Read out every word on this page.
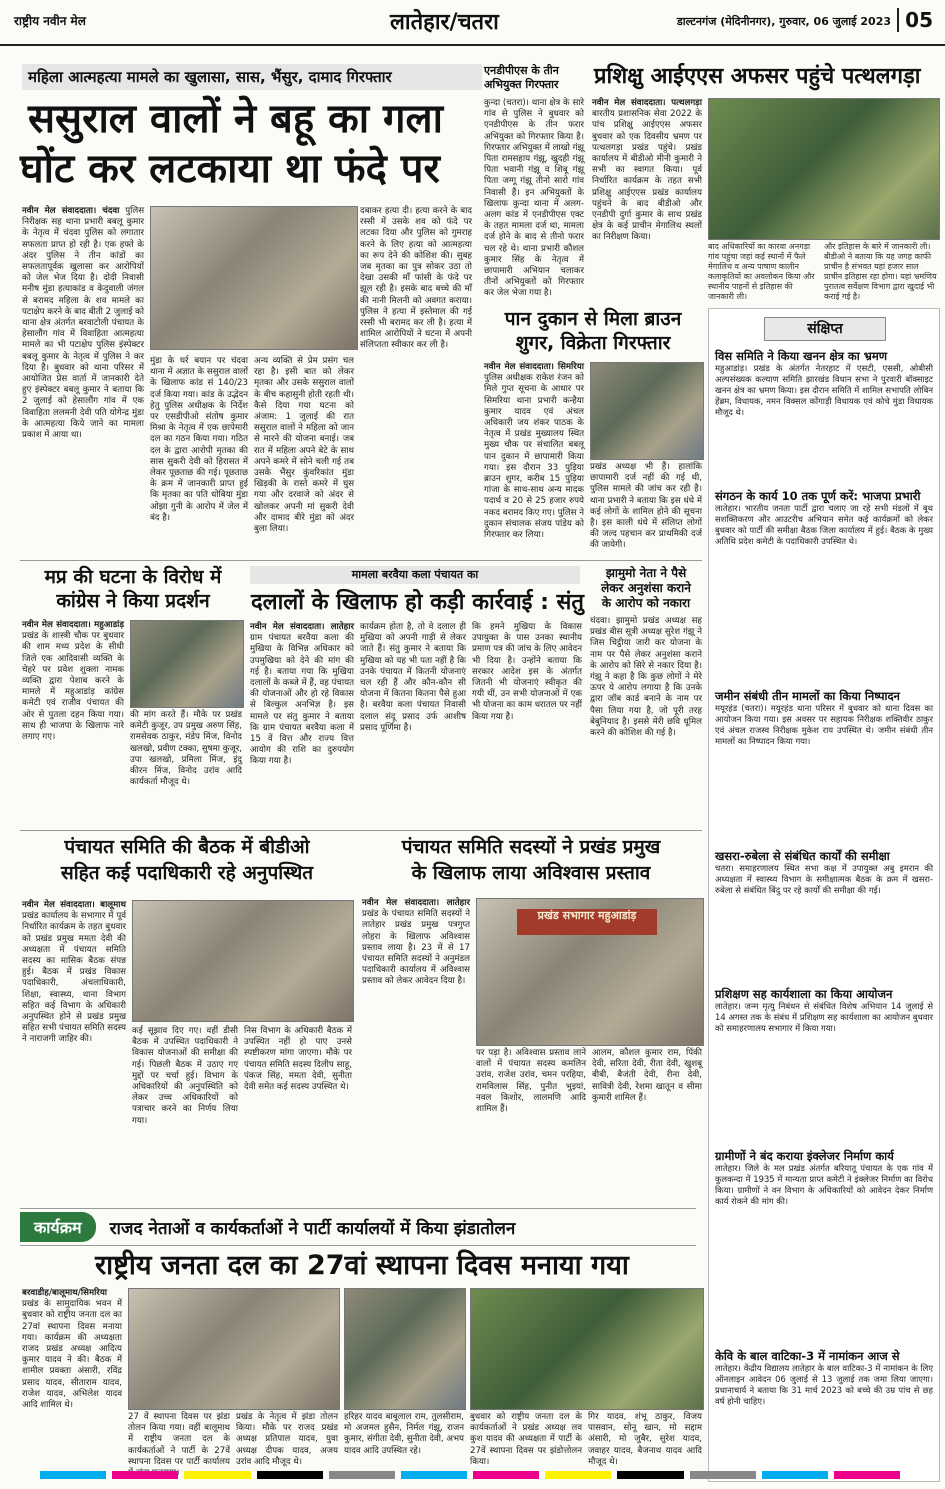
राष्ट्रीय नवीन मेल	लातेहार/चतरा	डाल्टनगंज (मेदिनीनगर), गुरुवार, 06 जुलाई 2023 05
महिला आत्महत्या मामले का खुलासा, सास, भैंसुर, दामाद गिरफ्तार
ससुराल वालों ने बहू का गला
घोंट कर लटकाया था फंदे पर
नवीन मेल संवाददाता। चंदवा पुलिस निरीक्षक सह थाना प्रभारी बबलू कुमार के नेतृत्व में चंदवा पुलिस को लगातार सफलता प्राप्त हो रही है। एक हफ्ते के अंदर पुलिस ने तीन कांडों का सफलतापूर्वक खुलासा कर आरोपियों को जेल भेज दिया है। दोदी निवासी मनीष मुंडा हत्याकांड व केदुवाली जंगल से बरामद महिला के शव मामले का पटाक्षेप करने के बाद बीती 2 जुलाई को थाना क्षेत्र अंतर्गत बरवाटोली पंचायत के हेसालौंग गांव में विवाहिता आत्महत्या मामले का भी पटाक्षेप पुलिस इंस्पेक्टर बबलू कुमार के नेतृत्व में पुलिस ने कर दिया है। बुधवार को थाना परिसर में आयोजित प्रेस वार्ता में जानकारी देते हुए इंस्पेक्टर बबलू कुमार ने बताया कि 2 जुलाई को हेसालौंग गांव में एक विवाहिता ललमनी देवी पति योगेन्द्र मुंडा के आत्महत्या किये जाने का मामला प्रकाश में आया था।
मुंडा के घर्र बयान पर चंदवा थाना में अज्ञात के ससुराल वालों के खिलाफ कांड सं 140/23 दर्ज किया गया। कांड के उद्भेदन हेतु पुलिस अधीक्षक के निर्देश पर एसडीपीओ संतोष कुमार मिश्रा के नेतृत्व में एक छापेमारी दल का गठन किया गया। गठित दल के द्वारा आरोपी मृतका की सास सुकरी देवी को हिरासत में लेकर पूछताछ की गई। पूछताछ के क्रम में जानकारी प्राप्त हुई कि मृतका का पति धोबिया मुंडा ओझा गुनी के आरोप में जेल में बंद है।
अन्य व्यक्ति से प्रेम प्रसंग चल रहा है। इसी बात को लेकर मृतका और उसके ससुराल वालों के बीच कहासुनी होती रहती थी। कैसे दिया गया घटना को अंजाम: 1 जुलाई की रात ससुराल वालों ने महिला को जान से मारने की योजना बनाई। जब रात में महिला अपने बेटे के साथ अपने कमरे में सोने चली गई तब उसके भैंसुर कुंवरिकांत मुंडा खिड़की के रास्ते कमरे में घुस गया और दरवाजे को अंदर से खोलकर अपनी मां सुकरी देवी और दामाद बीरे मुंडा को अंदर बुला लिया।
दबाकर हत्या दी। हत्या करने के बाद रस्सी में उसके शव को फंदे पर लटका दिया और पुलिस को गुमराह करने के लिए हत्या को आत्महत्या का रूप देने की कोशिश की। सुबह जब मृतका का पुत्र सोकर उठा तो देखा उसकी माँ फांसी के फंदे पर झूल रही है। इसके बाद बच्चे की माँ की नानी मिलनी को अवगत कराया। पुलिस ने हत्या में इस्तेमाल की गई रस्सी भी बरामद कर ली है। हत्या में शामिल आरोपियों ने घटना में अपनी संलिप्तता स्वीकार कर ली है।
एनडीपीएस के तीन अभियुक्त गिरफ्तार
कुन्दा (चतरा)। थाना क्षेत्र के सारे गांव से पुलिस ने बुधवार को एनडीपीएस के तीन फरार अभियुक्त को गिरफ्तार किया है। गिरफ्तार अभियुक्त में लाखो गंझू पिता रामसहाय गंझू, खुदही गंझू पिता भवानी गंझू व शिबू गंझू पिता जग्गू गंझू तीनो सारो गांव निवासी हैं। इन अभियुक्तों के खिलाफ कुन्दा थाना में अलग-अलग कांड में एनडीपीएस एक्ट के तहत मामला दर्ज था, मामला दर्ज होने के बाद से तीनो फरार चल रहे थे। थाना प्रभारी कौशल कुमार सिंह के नेतृत्व में छापामारी अभियान चलाकर तीनों अभियुक्तों को गिरफ्तार कर जेल भेजा गया है।
प्रशिक्षु आईएएस अफसर पहुंचे पत्थलगड़ा
नवीन मेल संवाददाता। पत्थलगड़ा बारतीय प्रशासनिक सेवा 2022 के पांच प्रशिक्षु आईएएस अफसर बुधवार को एक दिवसीय भ्रमण पर पत्थलगड़ा प्रखंड पहुंचे। प्रखंड कार्यालय में बीडीओ मीनी कुमारी ने सभी का स्वागत किया। पूर्व निर्धारित कार्यक्रम के तहत सभी प्रशिक्षु आईएएस प्रखंड कार्यालय पहुंचने के बाद बीडीओ और एनडीपी दुर्गा कुमार के साथ प्रखंड क्षेत्र के कई प्राचीन मेगालिथ स्थलों का निरीक्षण किया।
बाद अधिकारियों का कारवा अनगड़ा गांव पहुंचा जहां कई स्थानों में फैले मेगालिथ व अन्य पाषाण कालीन कलाकृतियों का अवलोकन किया और स्थानीय पाहनों से इतिहास की जानकारी ली।
और इतिहास के बारे में जानकारी ली। बीडीओ ने बताया कि यह जगह काफी प्राचीन है संभवत यहां हजार साल प्राचीन इतिहास रहा होगा। यहां भ्रमणिय पुरातत्व सर्वेक्षण विभाग द्वारा खुदाई भी कराई गई है।
पान दुकान से मिला ब्राउन
शुगर, विक्रेता गिरफ्तार
नवीन मेल संवाददाता। सिमरिया पुलिस अधीक्षक राकेश रंजन को मिले गुप्त सूचना के आधार पर सिमरिया थाना प्रभारी कन्हैया कुमार यादव एवं अंचल अधिकारी जय शंकर पाठक के नेतृत्व में प्रखंड मुख्यालय स्थित मुख्य चौक पर संचालित बबलू पान दुकान में छापामारी किया गया। इस दौरान 33 पुड़िया ब्राउन शुगर, करीब 15 पुड़िया गांजा के साथ-साथ अन्य मादक पदार्थ व 20 से 25 हजार रुपये नकद बरामद किए गए। पुलिस ने दुकान संचालक संजय पांडेय को गिरफ्तार कर लिया।
प्रखंड अध्यक्ष भी हैं। हालांकि छापामारी दर्ज नहीं की गई थी, पुलिस मामले की जांच कर रही है। थाना प्रभारी ने बताया कि इस धंधे में कई लोगों के शामिल होने की सूचना है। इस काली धंधे में संलिप्त लोगों की जल्द पहचान कर प्राथमिकी दर्ज की जायेगी।
मप्र की घटना के विरोध में
कांग्रेस ने किया प्रदर्शन
नवीन मेल संवाददाता। महुआडांड़ प्रखंड के शास्त्री चौक पर बुधवार की शाम मध्य प्रदेश के सीधी जिले एक आदिवासी व्यक्ति के चेहरे पर प्रवेश शुक्ला नामक व्यक्ति द्वारा पेशाब करने के मामले में महुआडांड़ कांग्रेस कमेटी एवं राजीव पंचायत की ओर से पुतला दहन किया गया। साथ ही भाजपा के खिलाफ नारे लगाए गए।
की मांग करते हैं। मौके पर प्रखंड कमेटी कुजूर, उप प्रमुख अरुण सिंह, रामसेवक ठाकुर, मंडेप मिंज, विनोद खलखो, प्रवीण टक्का, सुषमा कुजूर, उपा खलखो, प्रमिला मिंज, इंदु कीरन मिंज, विनोद उरांव आदि कार्यकर्ता मौजूद थे।
मामला बरवैया कला पंचायत का
दलालों के खिलाफ हो कड़ी कार्रवाई : संतु
नवीन मेल संवाददाता। लातेहार ग्राम पंचायत बरवैया कला की मुखिया के विभिन्न अधिकार को उपमुखिया को देने की मांग की गई है। बताया गया कि मुखिया दलालों के कब्जे में हैं, वह पंचायत की योजनाओं और हो रहे विकास से बिल्कुल अनभिज्ञ है। इस मामले पर संतु कुमार ने बताया कि ग्राम पंचायत बरवैया कला में 15 वें वित्त और राज्य वित्त आयोग की राशि का दुरुपयोग किया गया है।
कार्यक्रम होता है, तो वे दलाल ही मुखिया को अपनी गाड़ी से लेकर जाते हैं। संतु कुमार ने बताया कि मुखिया को यह भी पता नहीं है कि उनके पंचायत में कितनी योजनाएं चल रही हैं और कौन-कौन सी योजना में कितना कितना पैसे हुआ है। बरवैया कला पंचायत निवासी दलाल संदू प्रसाद उर्फ आशीष प्रसाद पूर्णिमा है।
कि हमने मुखिया के विकास उपायुक्त के पास उनका स्थानीय प्रमाण पत्र की जांच के लिए आवेदन भी दिया है। उन्होंने बताया कि सरकार आदेश इस के अंतर्गत जितनी भी योजनाएं स्वीकृत की गयी थीं, उन सभी योजनाओं में एक भी योजना का काम धरातल पर नहीं किया गया है।
झामुमो नेता ने पैसे
लेकर अनुशंसा कराने
के आरोप को नकारा
चंदवा। झामुमो प्रखंड अध्यक्ष सह प्रखंड बीस सूत्री अध्यक्ष सुरेश गंझू ने जिस चिट्ठीया जारी कर योजना के नाम पर पैसे लेकर अनुशंसा कराने के आरोप को सिरे से नकार दिया है। गंझू ने कहा है कि कुछ लोगों ने मेरे ऊपर ये आरोप लगाया है कि उनके द्वारा जॉब कार्ड बनाने के नाम पर पैसा लिया गया है, जो पूरी तरह बेबुनियाद है। इससे मेरी छवि धूमिल करने की कोशिश की गई है।
पंचायत समिति की बैठक में बीडीओ
सहित कई पदाधिकारी रहे अनुपस्थित
नवीन मेल संवाददाता। बालूमाथ प्रखंड कार्यालय के सभागार में पूर्व निर्धारित कार्यक्रम के तहत बुधवार को प्रखंड प्रमुख ममता देवी की अध्यक्षता में पंचायत समिति सदस्य का मासिक बैठक संपन्न हुई। बैठक में प्रखंड विकास पदाधिकारी, अंचलाधिकारी, शिक्षा, स्वास्थ्य, थाना विभाग सहित कई विभाग के अधिकारी अनुपस्थित होने से प्रखंड प्रमुख सहित सभी पंचायत समिति सदस्य ने नाराजगी जाहिर की।
कई सूझाव दिए गए। वहीं डीसी बैठक में उपस्थित पदाधिकारी ने विकास योजनाओं की समीक्षा की गई। पिछली बैठक में उठाए गए मुद्दों पर चर्चा हुई। विभाग के अधिकारियों की अनुपस्थिति को लेकर उच्च अधिकारियों को पत्राचार करने का निर्णय लिया गया।
निस विभाग के अधिकारी बैठक में उपस्थित नहीं हो पाए उनसे स्पष्टीकरण मांगा जाएगा। मौके पर पंचायत समिति सदस्य दिलीप साहू, पंकज सिंह, ममता देवी, सुनीता देवी समेत कई सदस्य उपस्थित थे।
पंचायत समिति सदस्यों ने प्रखंड प्रमुख
के खिलाफ लाया अविश्वास प्रस्ताव
नवीन मेल संवाददाता। लातेहार प्रखंड के पंचायत समिति सदस्यों ने लातेहार प्रखंड प्रमुख पत्रगुप्त लोहरा के खिलाफ अविश्वास प्रस्ताव लाया है। 23 में से 17 पंचायत समिति सदस्यों ने अनुमंडल पदाधिकारी कार्यालय में अविश्वास प्रस्ताव को लेकर आवेदन दिया है।
प्रखंड सभागार महुआडांड़
पर पड़ा है। अविश्वास प्रस्ताव लाने वालों में पंचायत सदस्य कमलिन उरांव, राजेश उरांव, चमन परहिया, रामविलास सिंह, पुनीत भुइयां, नवल किशोर, लालमणि आदि शामिल हैं।
आलम, कौशल कुमार राम, पिंकी देवी, सरिता देवी, रीता देवी, खुशबू बीबी, बैजंती देवी, रीना देवी, सावित्री देवी, रेशमा खातून व सीमा कुमारी शामिल हैं।
कार्यक्रम	राजद नेताओं व कार्यकर्ताओं ने पार्टी कार्यालयों में किया झंडातोलन
राष्ट्रीय जनता दल का 27वां स्थापना दिवस मनाया गया
बरवाडीह/बालूमाथ/सिमरिया प्रखंड के सामुदायिक भवन में बुधवार को राष्ट्रीय जनता दल का 27वां स्थापना दिवस मनाया गया। कार्यक्रम की अध्यक्षता राजद प्रखंड अध्यक्ष आदित्य कुमार यादव ने की। बैठक में शामील प्रवक्ता अंसारी, रविंद्र प्रसाद यादव, सीताराम यादव, राजेश यादव, अभिलेश यादव आदि शामिल थे।
27 वें स्थापना दिवस पर झंडा तोलन किया गया। वहीं बालूमाथ में राष्ट्रीय जनता दल के कार्यकर्ताओं ने पार्टी के 27वें स्थापना दिवस पर पार्टी कार्यालय
प्रखंड के नेतृत्व में झंडा तोलन किया। मौके पर राजद प्रखंड अध्यक्ष प्रतिपाल यादव, युवा अध्यक्ष दीपक यादव, अजय उरांव आदि मौजूद थे।
हरिहर यादव बाबूलाल राम, तुलसीराम, मो अजमल हुसैन, निर्मल गंझू, राजन कुमार, संगीता देवी, सुनीता देवी, अभय यादव आदि उपस्थित रहे।
बुधवार को राष्ट्रीय जनता दल के कार्यकर्ताओं ने प्रखंड अध्यक्ष लव कुश यादव की अध्यक्षता में पार्टी के 27वें स्थापना दिवस पर झंडोत्तोलन किया।
गिर यादव, शंभू ठाकुर, विजय पासवान, सोनू खान, मो सद्दाम अंसारी, मो जुबैर, सुरेश यादव, जवाहर यादव, बैजनाथ यादव आदि मौजूद थे।
संक्षिप्त
विस समिति ने किया खनन क्षेत्र का भ्रमण
महुआडांड़। प्रखंड के अंतर्गत नेतरहाट में एसटी, एससी, ओबीसी अल्पसंख्यक कल्याण समिति झारखंड विधान सभा ने पुरवारी बॉक्साइट खनन क्षेत्र का भ्रमण किया। इस दौरान समिति में शामिल सभापति लोबिन हेंब्रम, विधायक, नमन विक्सल कोंगाड़ी विधायक एवं कोचे मुंडा विधायक मौजूद थे।
संगठन के कार्य 10 तक पूर्ण करें: भाजपा प्रभारी
लातेहार। भारतीय जनता पार्टी द्वारा चलाए जा रहे सभी मंडलों में बूथ सशक्तिकरण और आउटरीच अभियान समेत कई कार्यक्रमों को लेकर बुधवार को पार्टी की समीक्षा बैठक जिला कार्यालय में हुई। बैठक के मुख्य अतिथि प्रदेश कमेटी के पदाधिकारी उपस्थित थे।
जमीन संबंधी तीन मामलों का किया निष्पादन
मयूरहंड (चतरा)। मयूरहंड थाना परिसर में बुधवार को थाना दिवस का आयोजन किया गया। इस अवसर पर सहायक निरीक्षक शक्तिवीर ठाकुर एवं अंचल राजस्व निरीक्षक मुकेश राय उपस्थित थे। जमीन संबंधी तीन मामलों का निष्पादन किया गया।
खसरा-रुबेला से संबंधित कार्यों की समीक्षा
चतरा। समाहरणालय स्थित सभा कक्ष में उपायुक्त अबु इमरान की अध्यक्षता में स्वास्थ्य विभाग के समीक्षात्मक बैठक के क्रम में खसरा-रुबेला से संबंधित बिंदु पर रहे कार्यों की समीक्षा की गई।
प्रशिक्षण सह कार्यशाला का किया आयोजन
लातेहार। जन्म मृत्यु निबंधन से संबंधित विशेष अभियान 14 जुलाई से 14 अगस्त तक के संबंध में प्रशिक्षण सह कार्यशाला का आयोजन बुधवार को समाहरणालय सभागार में किया गया।
ग्रामीणों ने बंद कराया इंक्लेजर निर्माण कार्य
लातेहार। जिले के मल प्रखंड अंतर्गत बरियातू पंचायत के एक गांव में कुलकन्दा में 1935 में मान्यता प्राप्त कमेटी ने इंक्लेजर निर्माण का विरोध किया। ग्रामीणों ने वन विभाग के अधिकारियों को आवेदन देकर निर्माण कार्य रोकने की मांग की।
केवि के बाल वाटिका-3 में नामांकन आज से
लातेहार। केंद्रीय विद्यालय लातेहार के बाल वाटिका-3 में नामांकन के लिए ऑनलाइन आवेदन 06 जुलाई से 13 जुलाई तक जमा लिया जाएगा। प्रधानाचार्य ने बताया कि 31 मार्च 2023 को बच्चे की उम्र पांच से छह वर्ष होनी चाहिए।
